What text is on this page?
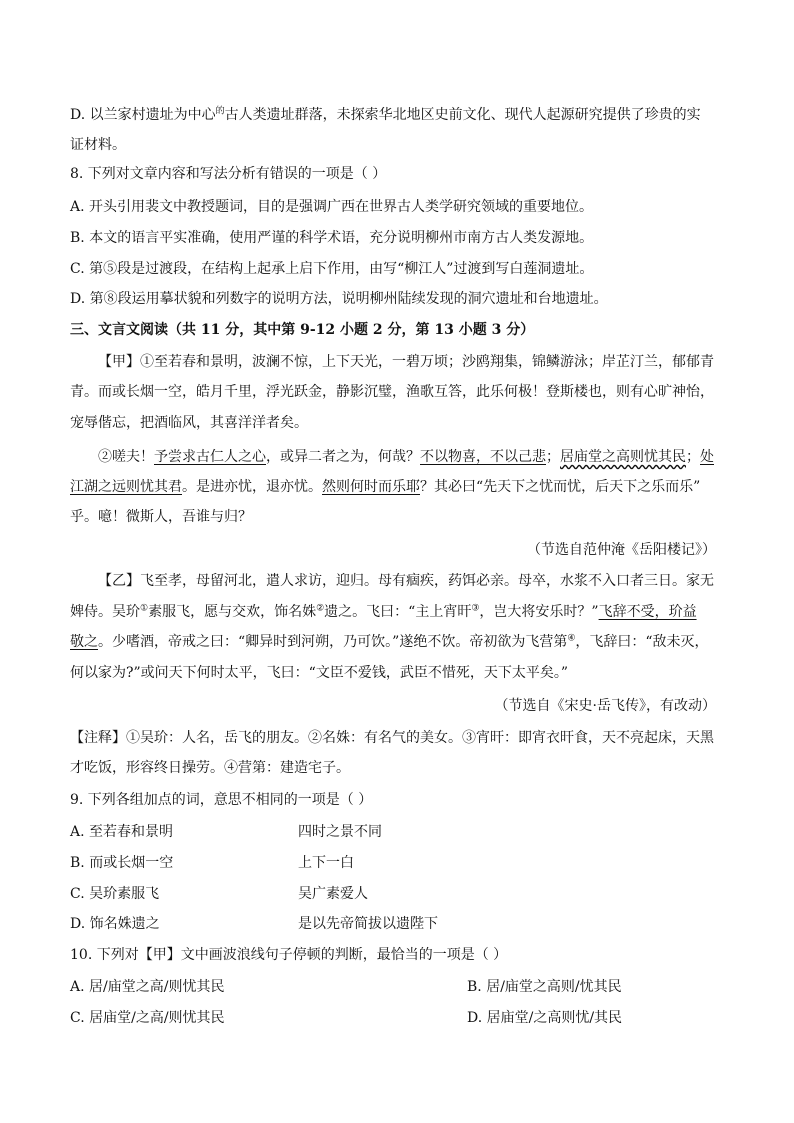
D. 以兰家村遗址为中心$^的$古人类遗址群落，未探索华北地区史前文化、现代人起源研究提供了珍贵的实
证材料。
8. 下列对文章内容和写法分析有错误的一项是（ ）
A. 开头引用裴文中教授题词，目的是强调广西在世界古人类学研究领域的重要地位。
B. 本文的语言平实准确，使用严谨的科学术语，充分说明柳州市南方古人类发源地。
C. 第⑤段是过渡段，在结构上起承上启下作用，由写“柳江人”过渡到写白莲洞遗址。
D. 第⑧段运用摹状貌和列数字的说明方法，说明柳州陆续发现的洞穴遗址和台地遗址。
三、文言文阅读（共 11 分，其中第 9-12 小题 2 分，第 13 小题 3 分）
【甲】①至若春和景明，波澜不惊，上下天光，一碧万顷；沙鸥翔集，锦鳞游泳；岸芷汀兰，郁郁青
青。而或长烟一空，皓月千里，浮光跃金，静影沉璧，渔歌互答，此乐何极！登斯楼也，则有心旷神怡，
宠辱偕忘，把酒临风，其喜洋洋者矣。
②嗟夫！予尝求古仁人之心，或异二者之为，何哉？不以物喜，不以己悲；居庙堂之高则忧其民；处
江湖之远则忧其君。是进亦忧，退亦忧。然则何时而乐耶？其必曰“先天下之忧而忧，后天下之乐而乐”
乎。噫！微斯人，吾谁与归？
（节选自范仲淹《岳阳楼记》）
【乙】飞至孝，母留河北，遣人求访，迎归。母有痼疾，药饵必亲。母卒，水浆不入口者三日。家无
婢侍。吴玠①素服飞，愿与交欢，饰名姝②遗之。飞曰：“主上宵旰③，岂大将安乐时？”飞辞不受，玠益
敬之。少嗜酒，帝戒之曰：“卿异时到河朔，乃可饮。”遂绝不饮。帝初欲为飞营第④，飞辞曰：“敌未灭，
何以家为?”或问天下何时太平，飞曰：“文臣不爱钱，武臣不惜死，天下太平矣。”
（节选自《宋史·岳飞传》，有改动）
【注释】①吴玠：人名，岳飞的朋友。②名姝：有名气的美女。③宵旰：即宵衣旰食，天不亮起床，天黑
才吃饭，形容终日操劳。④营第：建造宅子。
9. 下列各组加点的词，意思不相同的一项是（ ）
A. 至若春和景明	四时之景不同
B. 而或长烟一空	上下一白
C. 吴玠素服飞	吴广素爱人
D. 饰名姝遗之	是以先帝简拔以遗陛下
10. 下列对【甲】文中画波浪线句子停顿的判断，最恰当的一项是（ ）
A. 居/庙堂之高/则忧其民	B. 居/庙堂之高则/忧其民
C. 居庙堂/之高/则忧其民	D. 居庙堂/之高则忧/其民
